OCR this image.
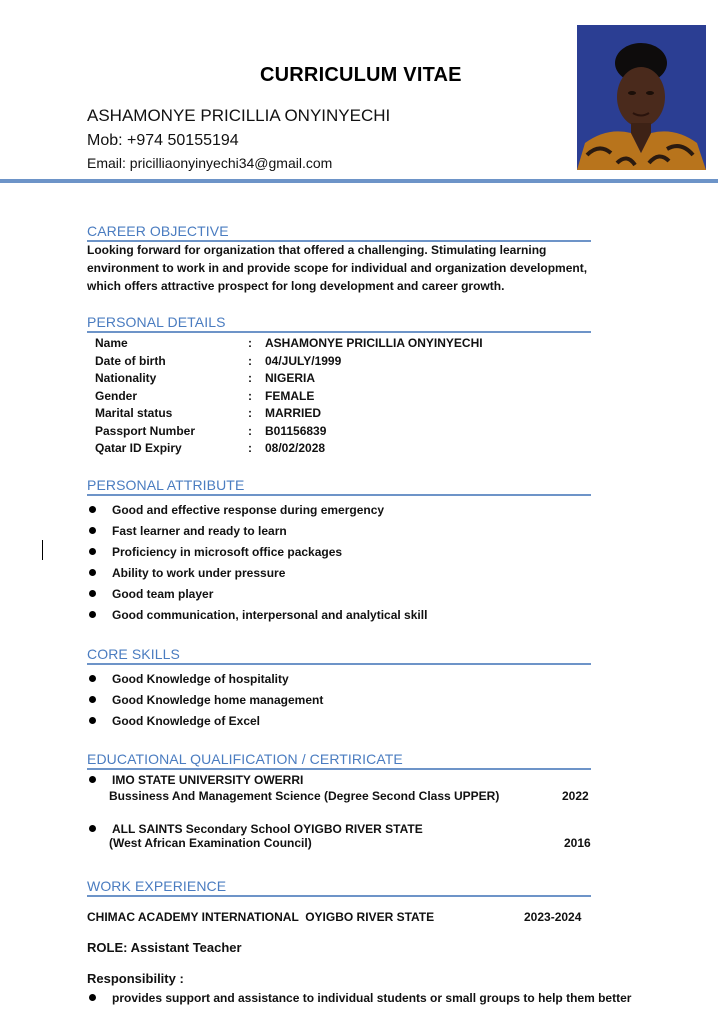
CURRICULUM VITAE
ASHAMONYE PRICILLIA ONYINYECHI
Mob: +974 50155194
Email: pricilliaonyinyechi34@gmail.com
CAREER OBJECTIVE
Looking forward for organization that offered a challenging. Stimulating learning
environment to work in and provide scope for individual and organization development,
which offers attractive prospect for long development and career growth.
PERSONAL DETAILS
Name	:	ASHAMONYE PRICILLIA ONYINYECHI
Date of birth	:	04/JULY/1999
Nationality	:	NIGERIA
Gender	:	FEMALE
Marital status	:	MARRIED
Passport Number	:	B01156839
Qatar ID Expiry	:	08/02/2028
PERSONAL ATTRIBUTE
Good and effective response during emergency
Fast learner and ready to learn
Proficiency in microsoft office packages
Ability to work under pressure
Good team player
Good communication, interpersonal and analytical skill
CORE SKILLS
Good Knowledge of hospitality
Good Knowledge home management
Good Knowledge of Excel
EDUCATIONAL QUALIFICATION / CERTIRICATE
IMO STATE UNIVERSITY OWERRI
Bussiness And Management Science (Degree Second Class UPPER)	2022
ALL SAINTS Secondary School OYIGBO RIVER STATE
(West African Examination Council)	2016
WORK EXPERIENCE
CHIMAC ACADEMY INTERNATIONAL  OYIGBO RIVER STATE	2023-2024
ROLE: Assistant Teacher
Responsibility :
provides support and assistance to individual students or small groups to help them better
